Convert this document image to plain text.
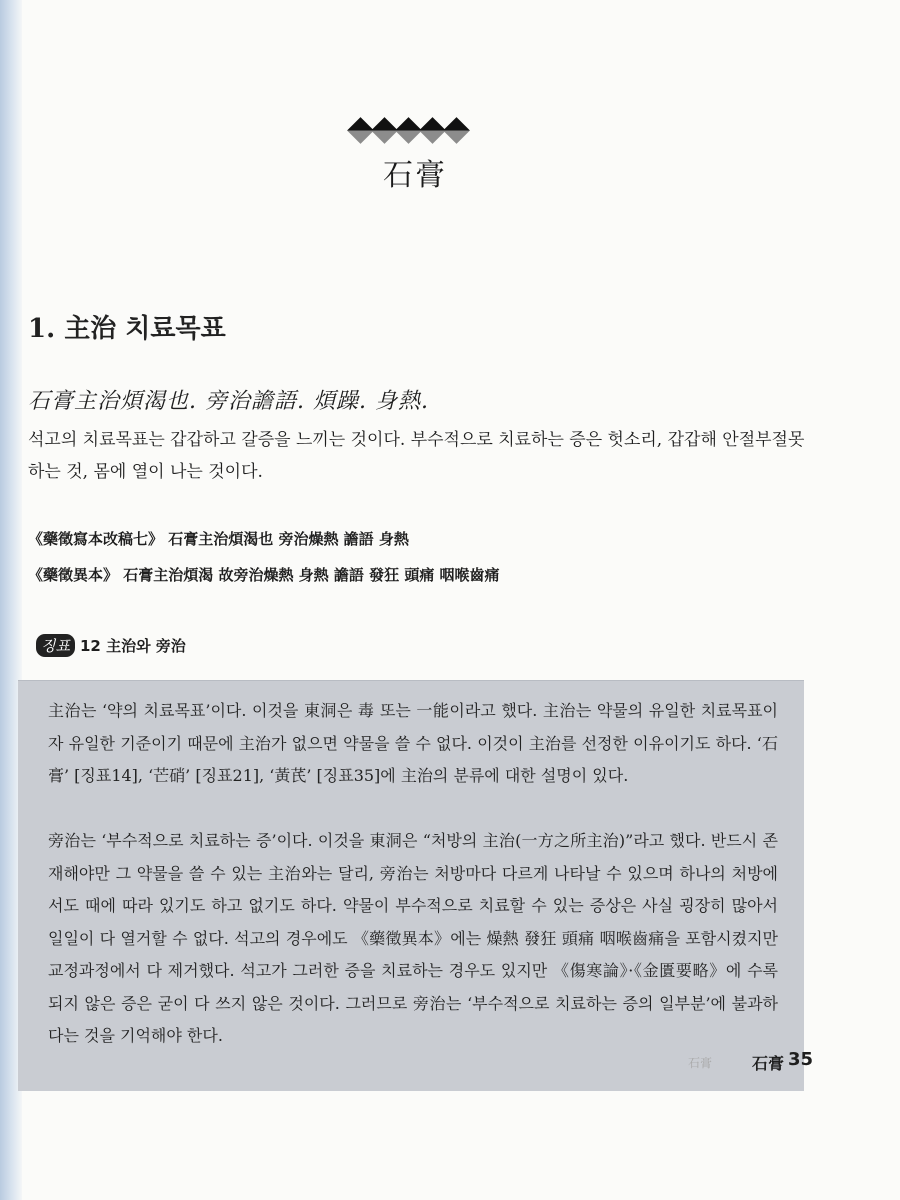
石膏
1. 主治 치료목표
石膏主治煩渴也. 旁治譫語. 煩躁. 身熱.

석고의 치료목표는 갑갑하고 갈증을 느끼는 것이다. 부수적으로 치료하는 증은 헛소리, 갑갑해 안절부절못하는 것, 몸에 열이 나는 것이다.

《藥徵寫本改稿七》 石膏主治煩渴也 旁治燥熱 譫語 身熱
《藥徵異本》 石膏主治煩渴 故旁治燥熱 身熱 譫語 發狂 頭痛 咽喉齒痛
징표 12 主治와 旁治

主治는 ‘약의 치료목표’이다. 이것을 東洞은 毒 또는 一能이라고 했다. 主治는 약물의 유일한 치료목표이자 유일한 기준이기 때문에 主治가 없으면 약물을 쓸 수 없다. 이것이 主治를 선정한 이유이기도 하다. ‘石膏’ [징표14], ‘芒硝’ [징표21], ‘黃芪’ [징표35]에 主治의 분류에 대한 설명이 있다.

旁治는 ‘부수적으로 치료하는 증’이다. 이것을 東洞은 “처방의 主治(一方之所主治)”라고 했다. 반드시 존재해야만 그 약물을 쓸 수 있는 主治와는 달리, 旁治는 처방마다 다르게 나타날 수 있으며 하나의 처방에서도 때에 따라 있기도 하고 없기도 하다. 약물이 부수적으로 치료할 수 있는 증상은 사실 굉장히 많아서 일일이 다 열거할 수 없다. 석고의 경우에도 《藥徵異本》에는 燥熱 發狂 頭痛 咽喉齒痛을 포함시켰지만 교정과정에서 다 제거했다. 석고가 그러한 증을 치료하는 경우도 있지만 《傷寒論》·《金匱要略》에 수록되지 않은 증은 굳이 다 쓰지 않은 것이다. 그러므로 旁治는 ‘부수적으로 치료하는 증의 일부분’에 불과하다는 것을 기억해야 한다.

石膏 石膏 35
